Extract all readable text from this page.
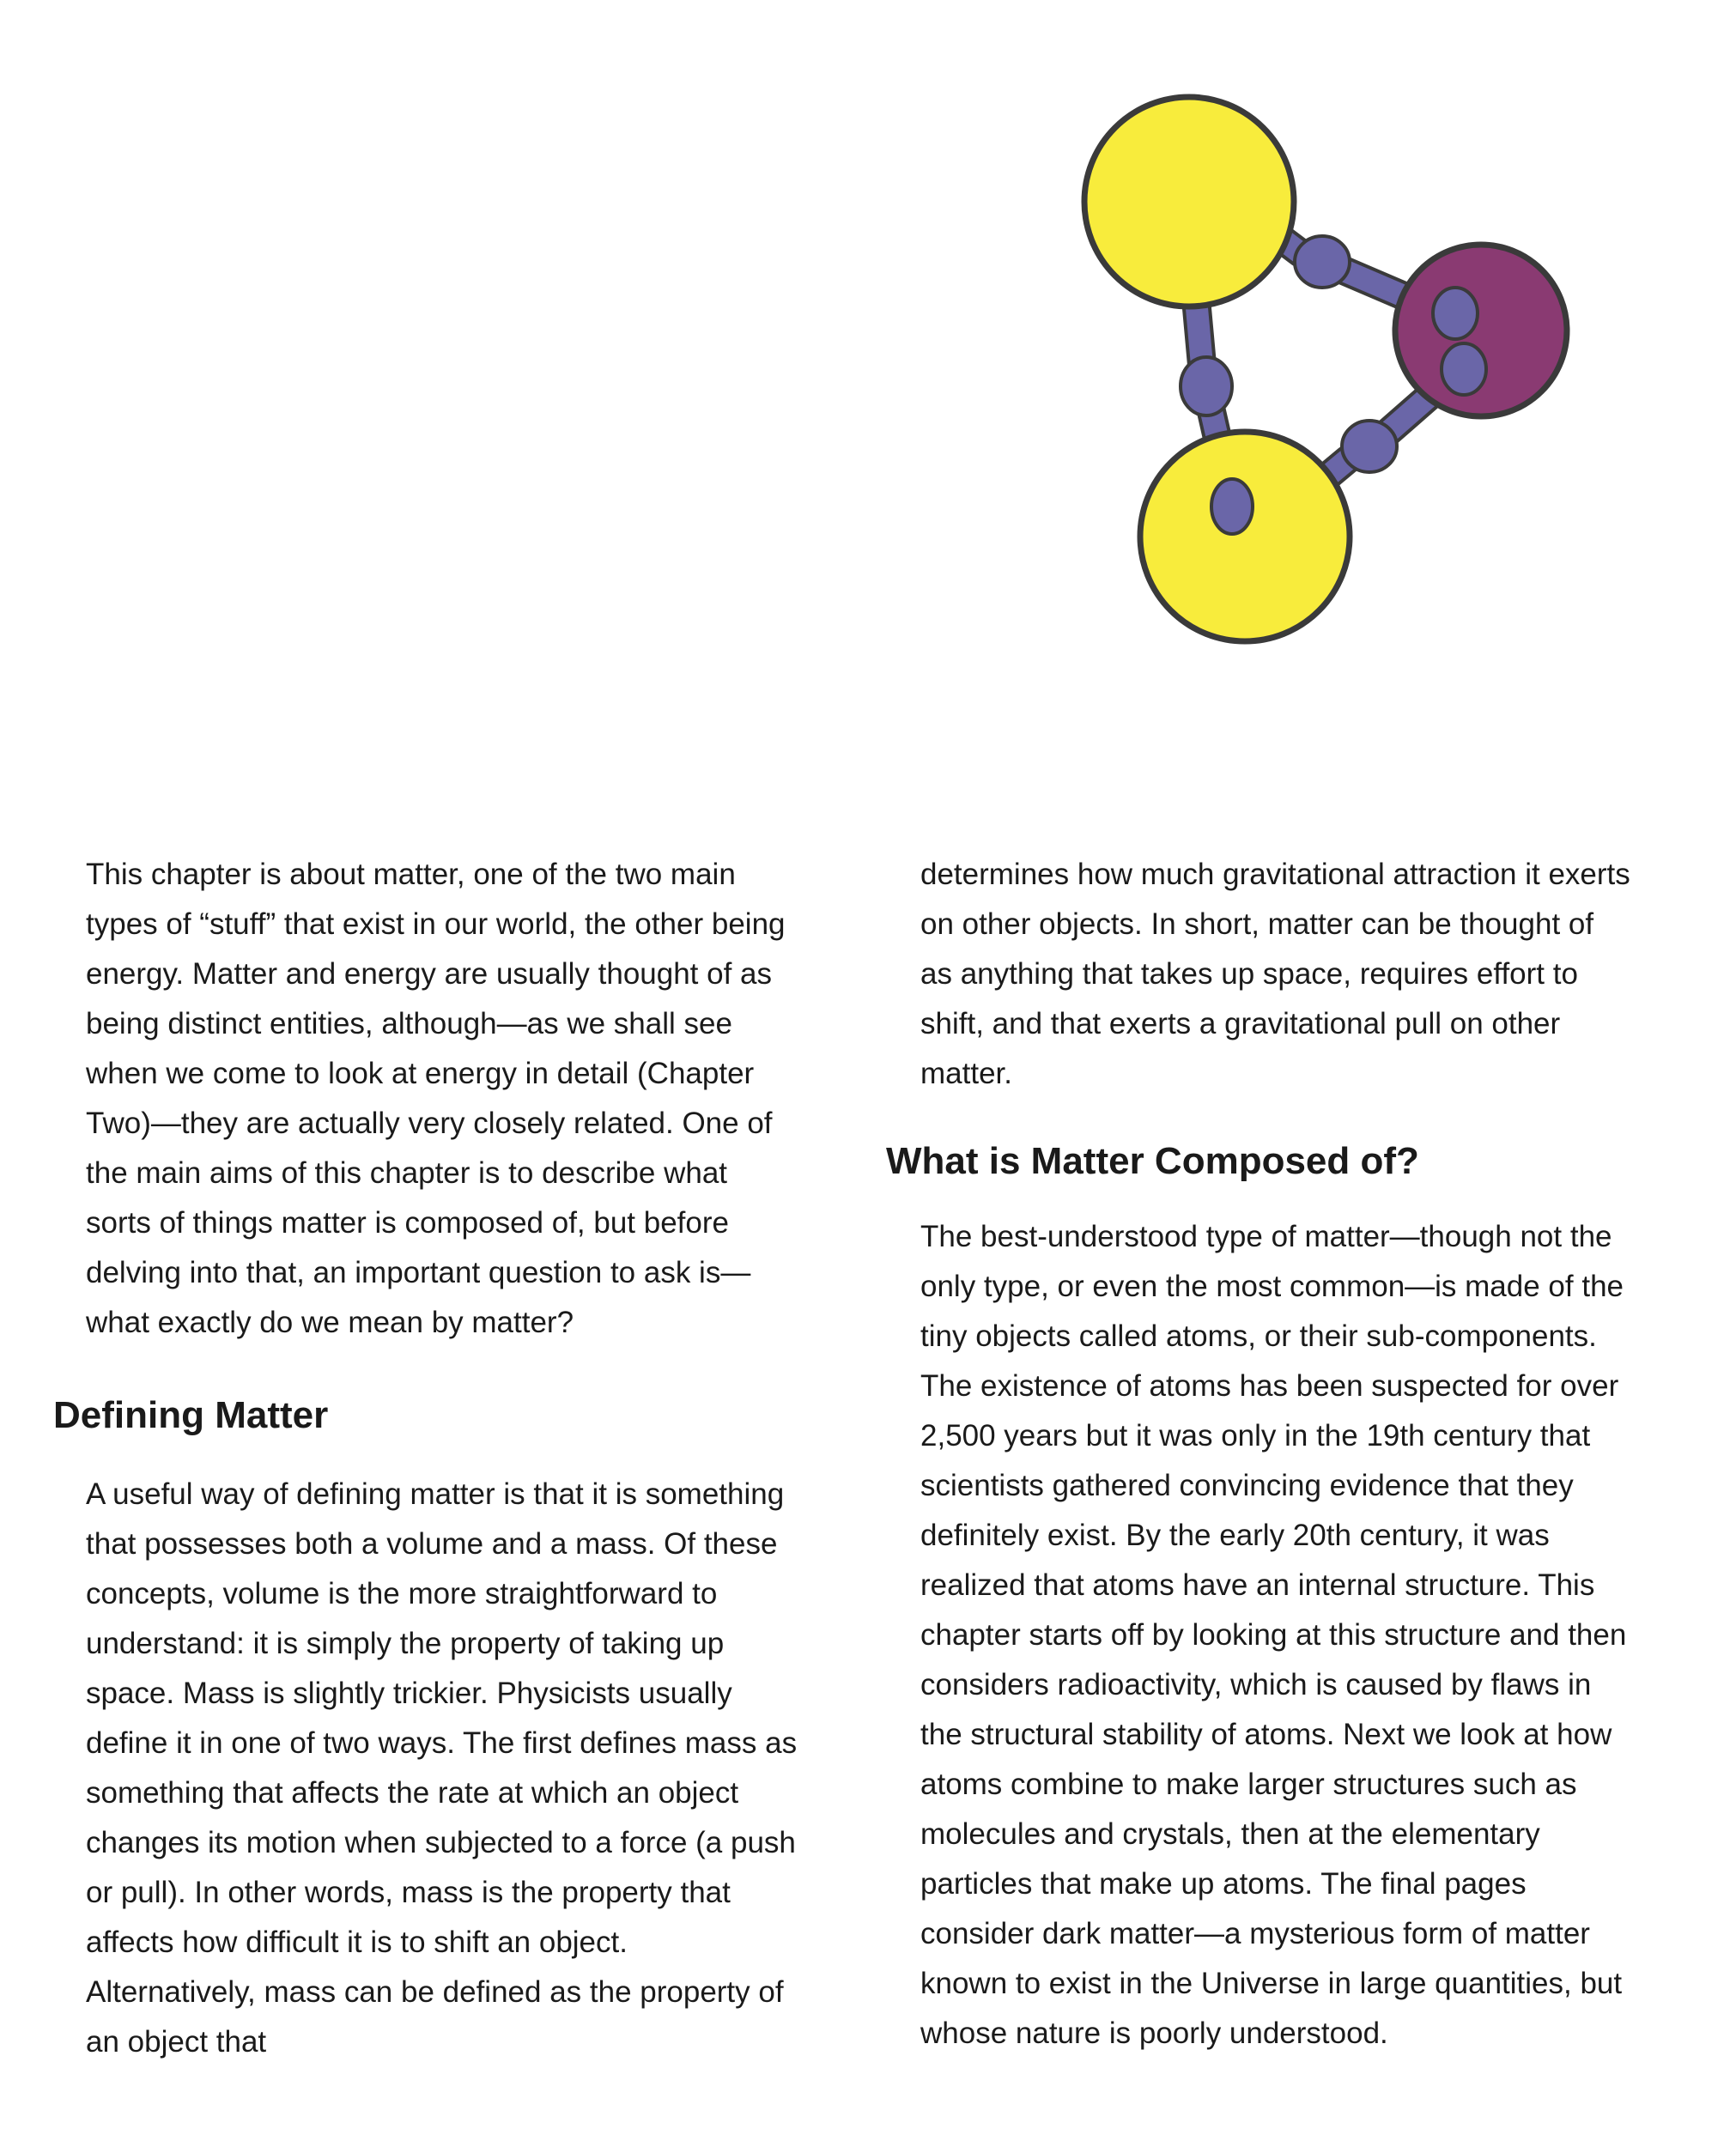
This chapter is about matter, one of the two main types of “stuff” that exist in our world, the other being energy. Matter and energy are usually thought of as being distinct entities, although—as we shall see when we come to look at energy in detail (Chapter Two)—they are actually very closely related. One of the main aims of this chapter is to describe what sorts of things matter is composed of, but before delving into that, an important question to ask is—what exactly do we mean by matter?

Defining Matter

A useful way of defining matter is that it is something that possesses both a volume and a mass. Of these concepts, volume is the more straightforward to understand: it is simply the property of taking up space. Mass is slightly trickier. Physicists usually define it in one of two ways. The first defines mass as something that affects the rate at which an object changes its motion when subjected to a force (a push or pull). In other words, mass is the property that affects how difficult it is to shift an object. Alternatively, mass can be defined as the property of an object that

determines how much gravitational attraction it exerts on other objects. In short, matter can be thought of as anything that takes up space, requires effort to shift, and that exerts a gravitational pull on other matter.

What is Matter Composed of?

The best-understood type of matter—though not the only type, or even the most common—is made of the tiny objects called atoms, or their sub-components. The existence of atoms has been suspected for over 2,500 years but it was only in the 19th century that scientists gathered convincing evidence that they definitely exist. By the early 20th century, it was realized that atoms have an internal structure. This chapter starts off by looking at this structure and then considers radioactivity, which is caused by flaws in the structural stability of atoms. Next we look at how atoms combine to make larger structures such as molecules and crystals, then at the elementary particles that make up atoms. The final pages consider dark matter—a mysterious form of matter known to exist in the Universe in large quantities, but whose nature is poorly understood.
